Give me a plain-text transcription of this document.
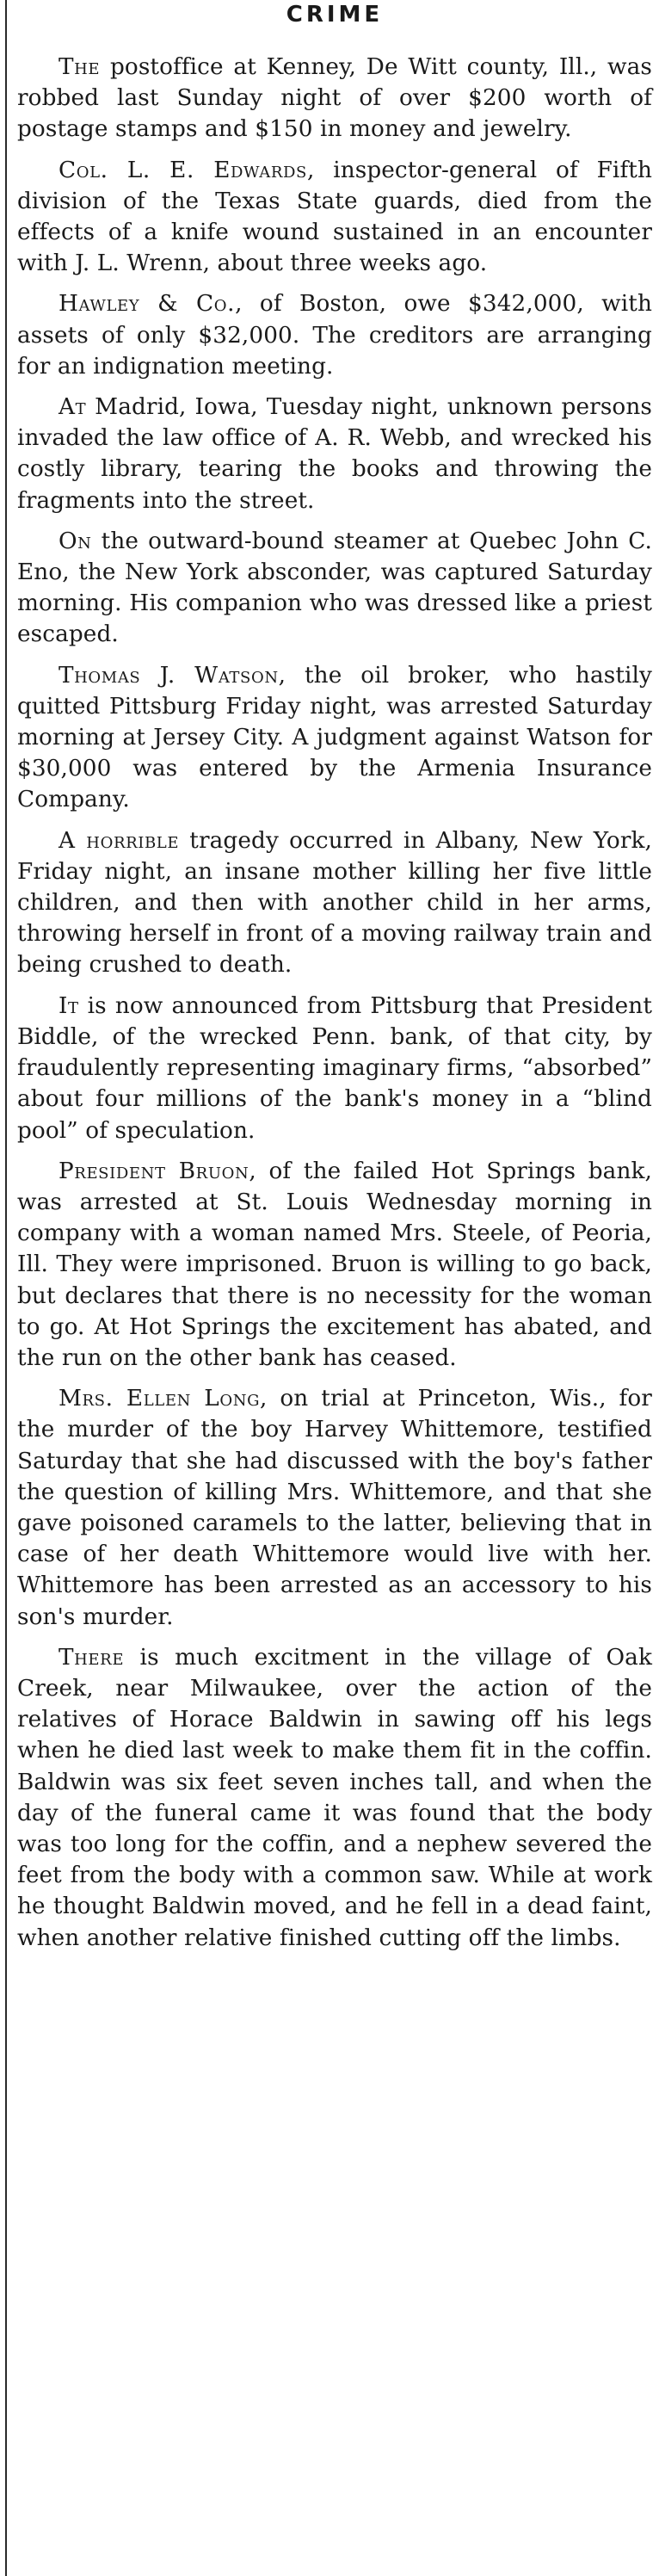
CRIME

The postoffice at Kenney, De Witt county, Ill., was robbed last Sunday night of over $200 worth of postage stamps and $150 in money and jewelry.

Col. L. E. Edwards, inspector-general of Fifth division of the Texas State guards, died from the effects of a knife wound sustained in an encounter with J. L. Wrenn, about three weeks ago.

Hawley & Co., of Boston, owe $342,000, with assets of only $32,000. The creditors are arranging for an indignation meeting.

At Madrid, Iowa, Tuesday night, unknown persons invaded the law office of A. R. Webb, and wrecked his costly library, tearing the books and throwing the fragments into the street.

On the outward-bound steamer at Quebec John C. Eno, the New York absconder, was captured Saturday morning. His companion who was dressed like a priest escaped.

Thomas J. Watson, the oil broker, who hastily quitted Pittsburg Friday night, was arrested Saturday morning at Jersey City. A judgment against Watson for $30,000 was entered by the Armenia Insurance Company.

A horrible tragedy occurred in Albany, New York, Friday night, an insane mother killing her five little children, and then with another child in her arms, throwing herself in front of a moving railway train and being crushed to death.

It is now announced from Pittsburg that President Biddle, of the wrecked Penn. bank, of that city, by fraudulently representing imaginary firms, “absorbed” about four millions of the bank's money in a “blind pool” of speculation.

President Bruon, of the failed Hot Springs bank, was arrested at St. Louis Wednesday morning in company with a woman named Mrs. Steele, of Peoria, Ill. They were imprisoned. Bruon is willing to go back, but declares that there is no necessity for the woman to go. At Hot Springs the excitement has abated, and the run on the other bank has ceased.

Mrs. Ellen Long, on trial at Princeton, Wis., for the murder of the boy Harvey Whittemore, testified Saturday that she had discussed with the boy's father the question of killing Mrs. Whittemore, and that she gave poisoned caramels to the latter, believing that in case of her death Whittemore would live with her. Whittemore has been arrested as an accessory to his son's murder.

There is much excitment in the village of Oak Creek, near Milwaukee, over the action of the relatives of Horace Baldwin in sawing off his legs when he died last week to make them fit in the coffin. Baldwin was six feet seven inches tall, and when the day of the funeral came it was found that the body was too long for the coffin, and a nephew severed the feet from the body with a common saw. While at work he thought Baldwin moved, and he fell in a dead faint, when another relative finished cutting off the limbs.
